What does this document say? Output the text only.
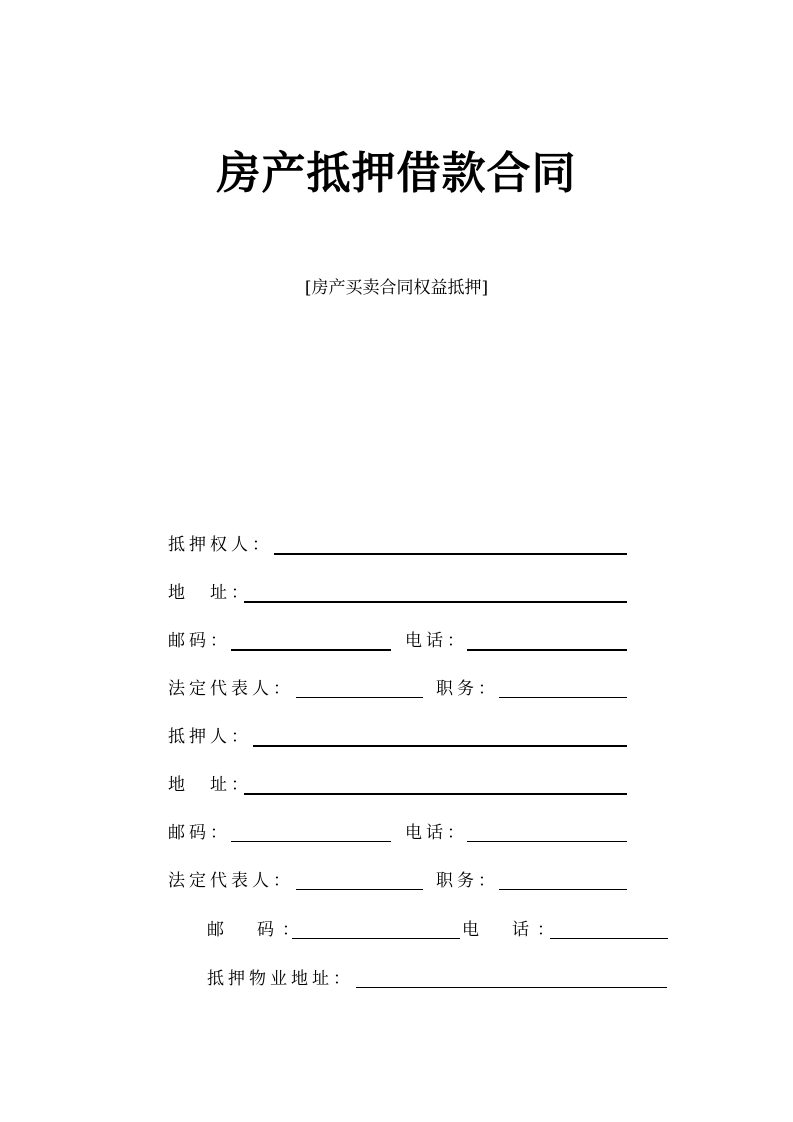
房产抵押借款合同
[房产买卖合同权益抵押]
抵押权人：
地　址：
邮码：	电话：
法定代表人：	职务：
抵押人：
地　址：
邮码：	电话：
法定代表人：	职务：
邮　码：	电　话：
抵押物业地址：
